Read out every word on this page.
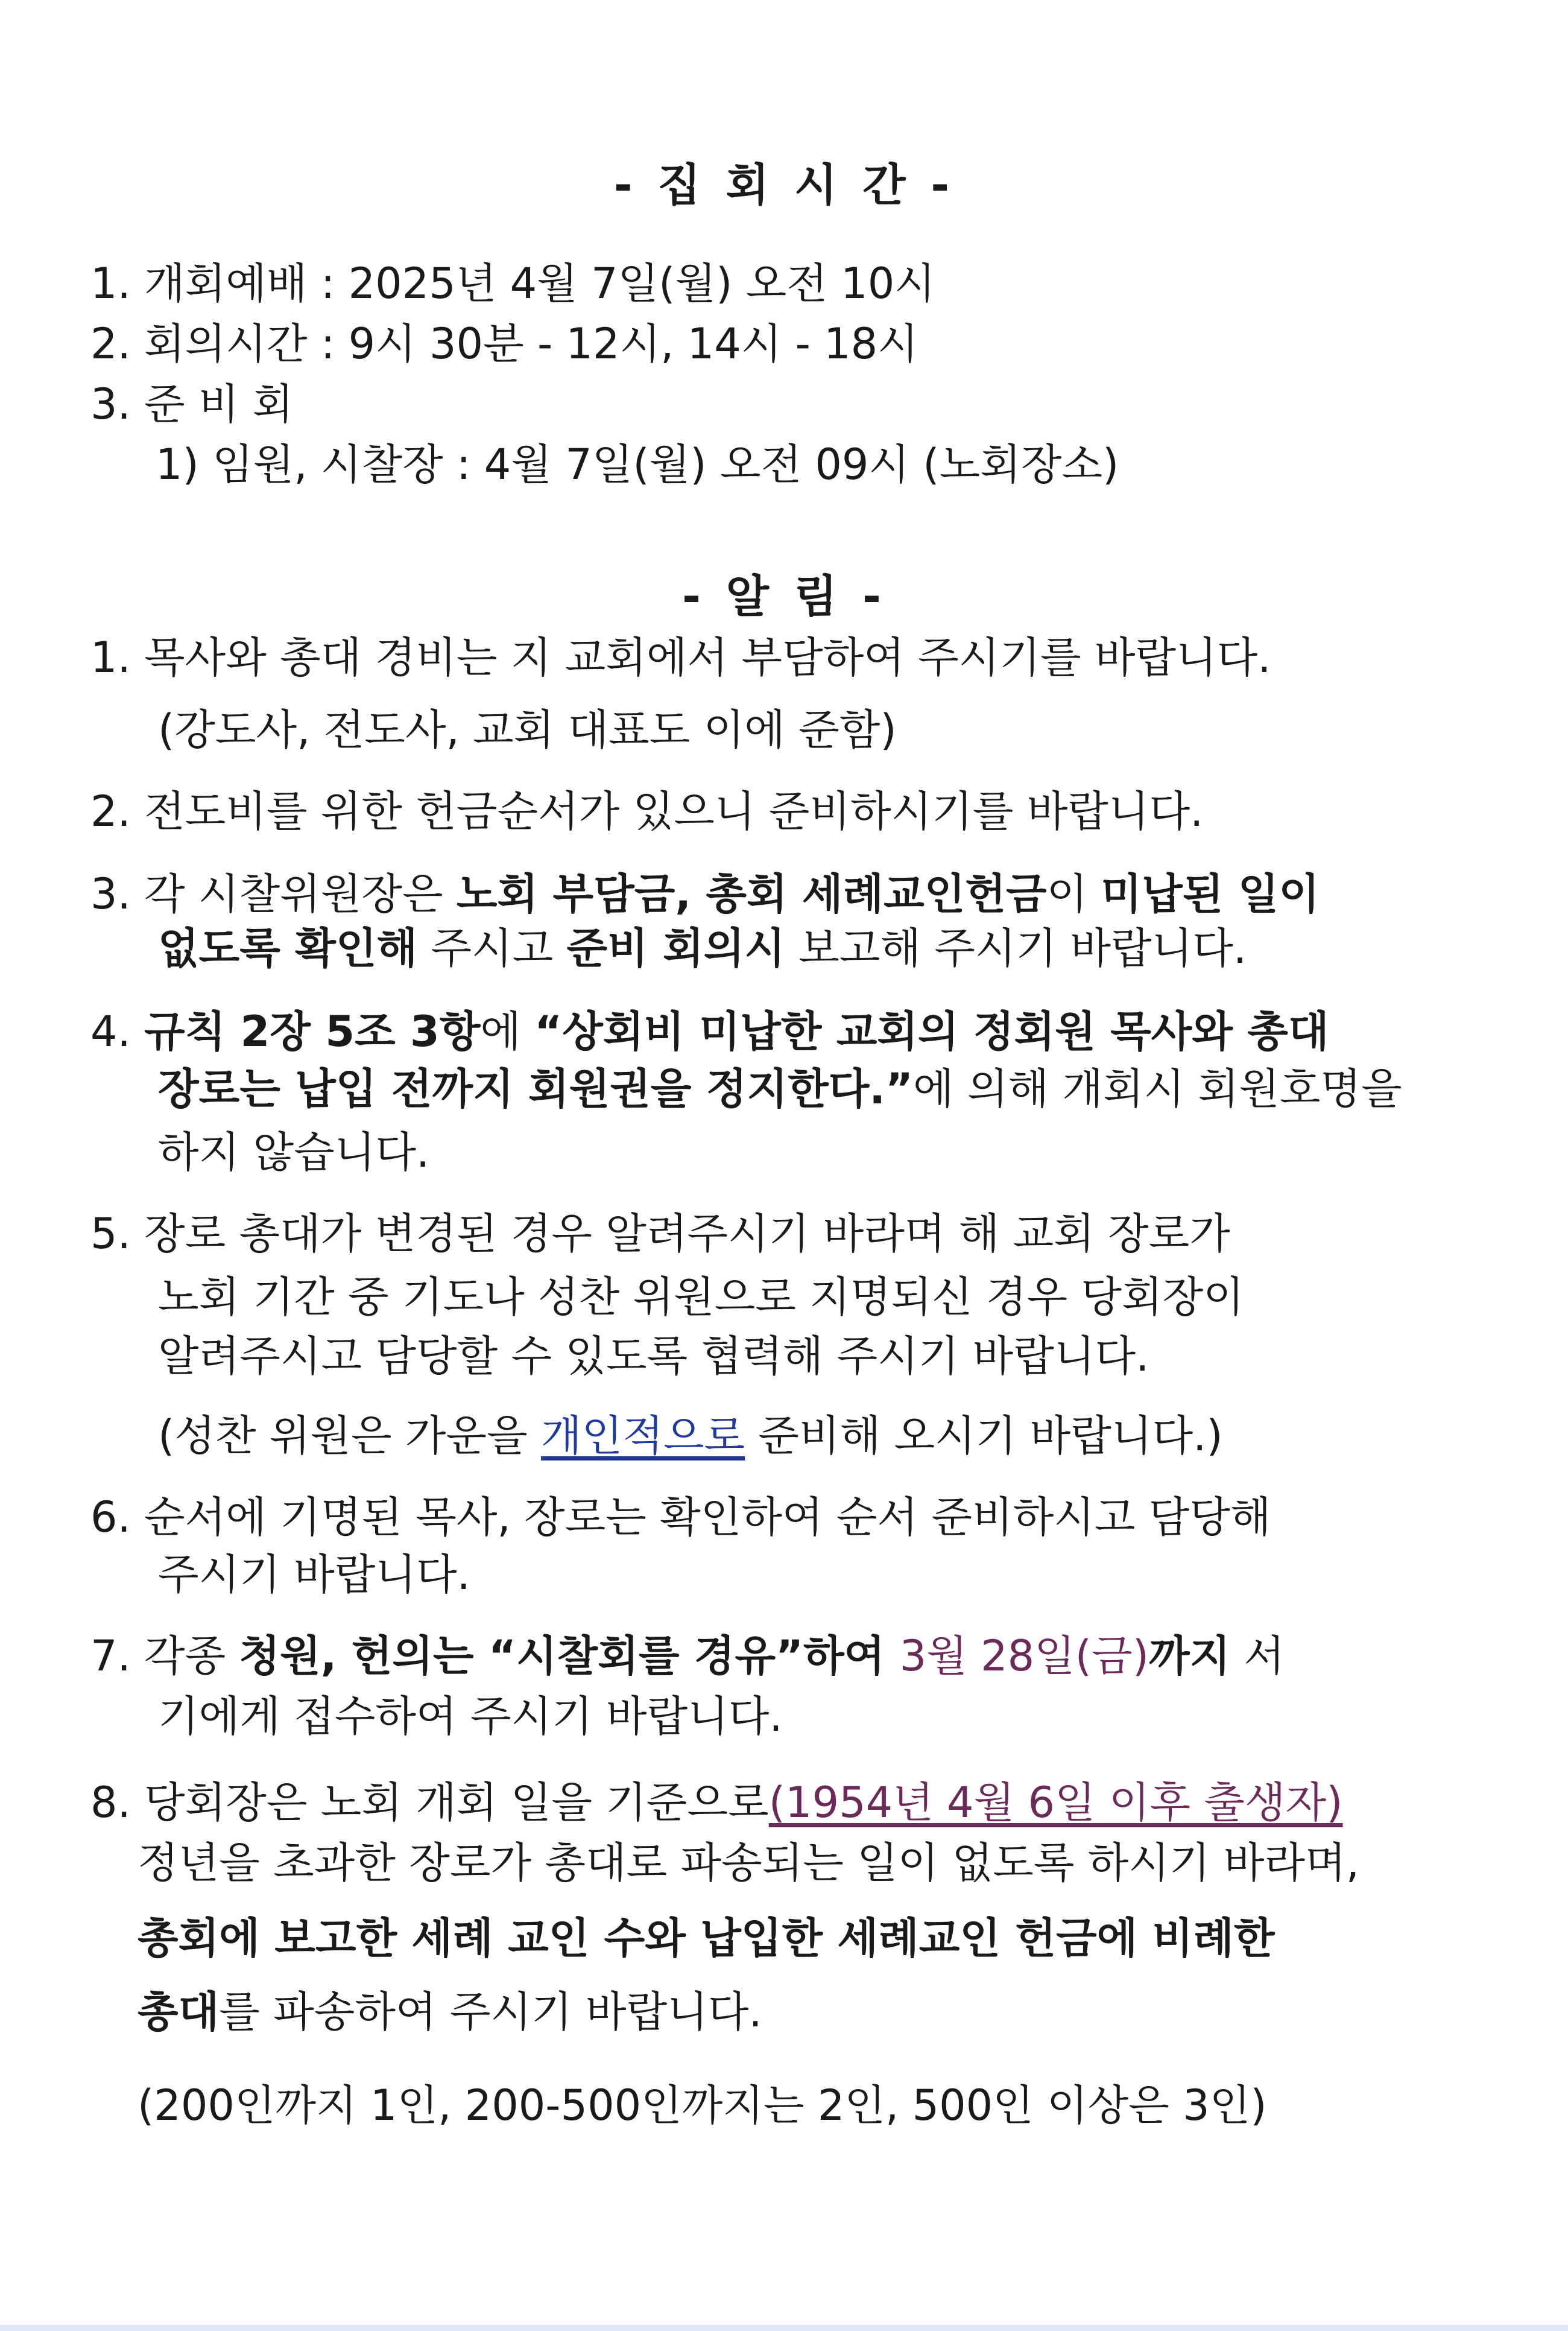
- 집 회 시 간 -
1. 개회예배 : 2025년 4월 7일(월) 오전 10시
2. 회의시간 : 9시 30분 - 12시, 14시 - 18시
3. 준 비 회
1) 임원, 시찰장 : 4월 7일(월) 오전 09시 (노회장소)
- 알 림 -
1. 목사와 총대 경비는 지 교회에서 부담하여 주시기를 바랍니다.
(강도사, 전도사, 교회 대표도 이에 준함)
2. 전도비를 위한 헌금순서가 있으니 준비하시기를 바랍니다.
3. 각 시찰위원장은 노회 부담금, 총회 세례교인헌금이 미납된 일이
없도록 확인해 주시고 준비 회의시 보고해 주시기 바랍니다.
4. 규칙 2장 5조 3항에 “상회비 미납한 교회의 정회원 목사와 총대
장로는 납입 전까지 회원권을 정지한다.”에 의해 개회시 회원호명을
하지 않습니다.
5. 장로 총대가 변경된 경우 알려주시기 바라며 해 교회 장로가
노회 기간 중 기도나 성찬 위원으로 지명되신 경우 당회장이
알려주시고 담당할 수 있도록 협력해 주시기 바랍니다.
(성찬 위원은 가운을 개인적으로 준비해 오시기 바랍니다.)
6. 순서에 기명된 목사, 장로는 확인하여 순서 준비하시고 담당해
주시기 바랍니다.
7. 각종 청원, 헌의는 “시찰회를 경유”하여 3월 28일(금)까지 서
기에게 접수하여 주시기 바랍니다.
8. 당회장은 노회 개회 일을 기준으로(1954년 4월 6일 이후 출생자)
정년을 초과한 장로가 총대로 파송되는 일이 없도록 하시기 바라며,
총회에 보고한 세례 교인 수와 납입한 세례교인 헌금에 비례한
총대를 파송하여 주시기 바랍니다.
(200인까지 1인, 200-500인까지는 2인, 500인 이상은 3인)
